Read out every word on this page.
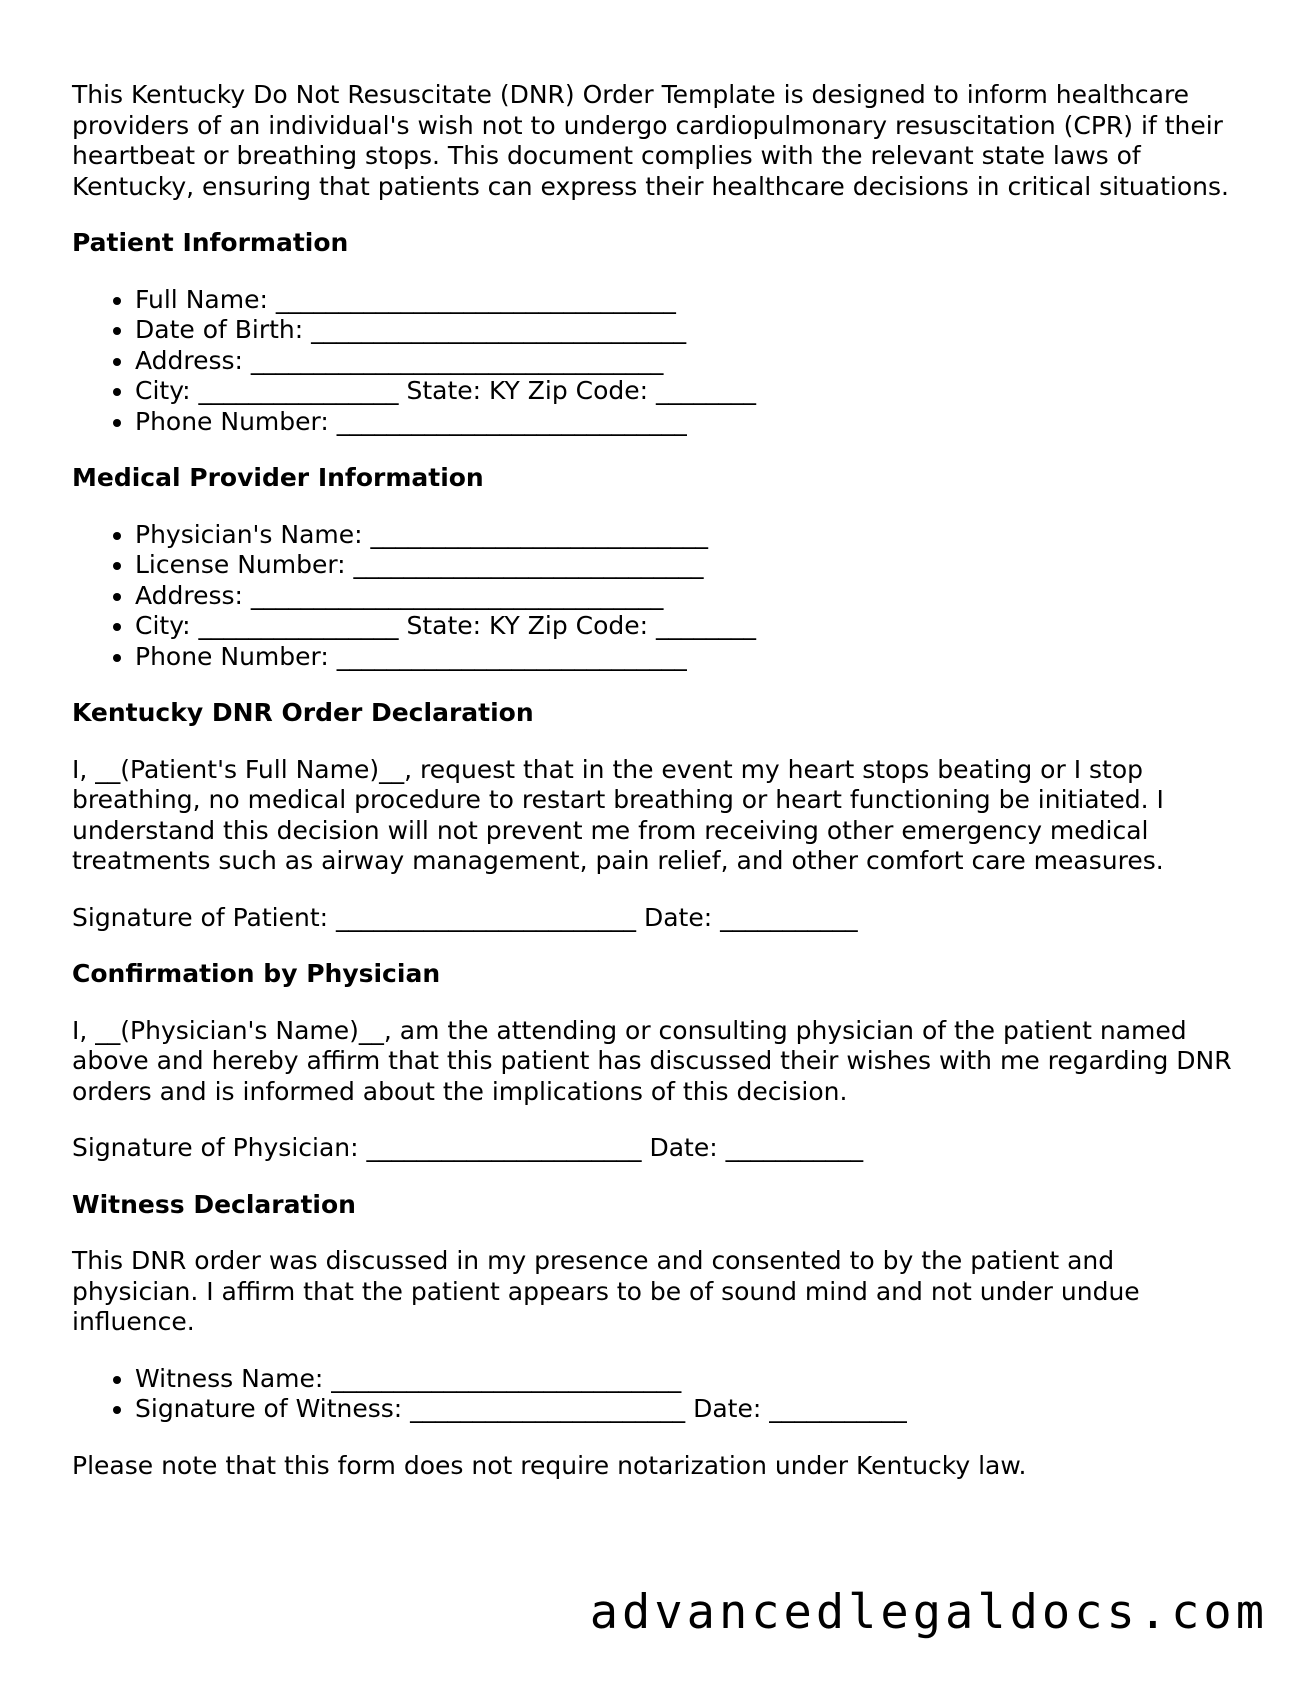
This Kentucky Do Not Resuscitate (DNR) Order Template is designed to inform healthcare providers of an individual's wish not to undergo cardiopulmonary resuscitation (CPR) if their heartbeat or breathing stops. This document complies with the relevant state laws of Kentucky, ensuring that patients can express their healthcare decisions in critical situations.

Patient Information
• Full Name: ________________________________
• Date of Birth: ______________________________
• Address: _________________________________
• City: ________________ State: KY Zip Code: ________
• Phone Number: ____________________________
Medical Provider Information
• Physician's Name: ___________________________
• License Number: ____________________________
• Address: _________________________________
• City: ________________ State: KY Zip Code: ________
• Phone Number: ____________________________
Kentucky DNR Order Declaration

I, __(Patient's Full Name)__, request that in the event my heart stops beating or I stop breathing, no medical procedure to restart breathing or heart functioning be initiated. I understand this decision will not prevent me from receiving other emergency medical treatments such as airway management, pain relief, and other comfort care measures.

Signature of Patient: ________________________ Date: ___________

Confirmation by Physician

I, __(Physician's Name)__, am the attending or consulting physician of the patient named above and hereby affirm that this patient has discussed their wishes with me regarding DNR orders and is informed about the implications of this decision.

Signature of Physician: ______________________ Date: ___________

Witness Declaration

This DNR order was discussed in my presence and consented to by the patient and physician. I affirm that the patient appears to be of sound mind and not under undue influence.

• Witness Name: ____________________________
• Signature of Witness: ______________________ Date: ___________

Please note that this form does not require notarization under Kentucky law.

advancedlegaldocs.com
